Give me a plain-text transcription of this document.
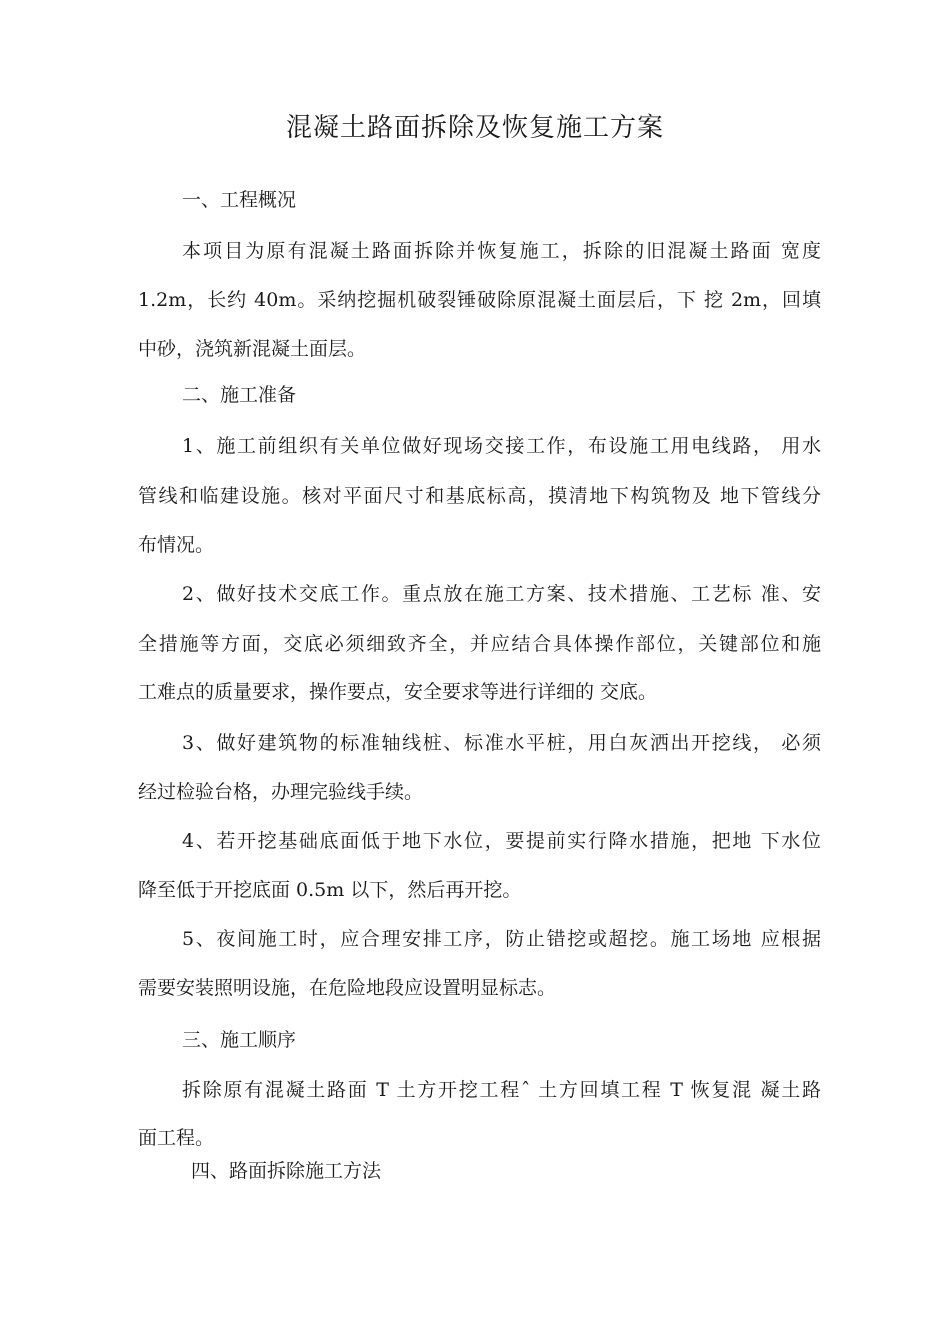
混凝土路面拆除及恢复施工方案
一、工程概况
本项目为原有混凝土路面拆除并恢复施工，拆除的旧混凝土路面 宽度
1.2m，长约 40m。采纳挖掘机破裂锤破除原混凝土面层后，下 挖 2m，回填
中砂，浇筑新混凝土面层。
二、施工准备
1、施工前组织有关单位做好现场交接工作，布设施工用电线路， 用水
管线和临建设施。核对平面尺寸和基底标高，摸清地下构筑物及 地下管线分
布情况。
2、做好技术交底工作。重点放在施工方案、技术措施、工艺标 准、安
全措施等方面，交底必须细致齐全，并应结合具体操作部位，关键部位和施
工难点的质量要求，操作要点，安全要求等进行详细的 交底。
3、做好建筑物的标准轴线桩、标准水平桩，用白灰洒出开挖线， 必须
经过检验台格，办理完验线手续。
4、若开挖基础底面低于地下水位，要提前实行降水措施，把地 下水位
降至低于开挖底面 0.5m 以下，然后再开挖。
5、夜间施工时，应合理安排工序，防止错挖或超挖。施工场地 应根据
需要安装照明设施，在危险地段应设置明显标志。
三、施工顺序
拆除原有混凝土路面 T 土方开挖工程ˆ 土方回填工程 T 恢复混 凝土路
面工程。
四、路面拆除施工方法
